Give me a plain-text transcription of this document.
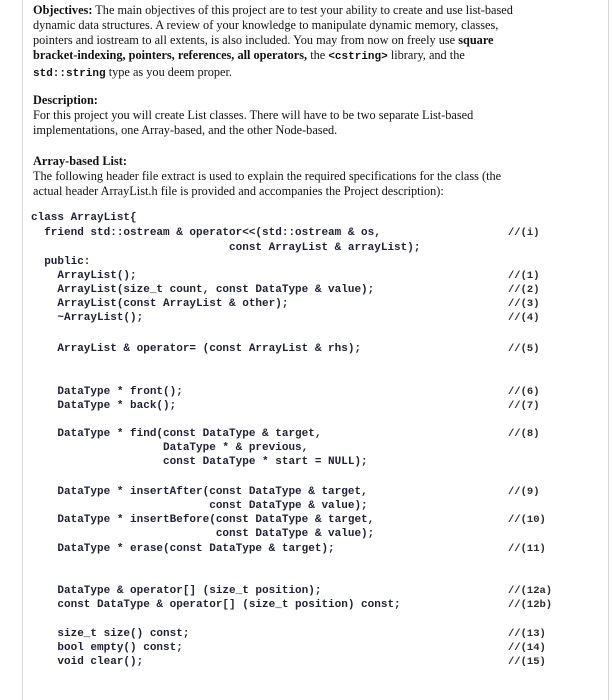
Objectives: The main objectives of this project are to test your ability to create and use list-based
dynamic data structures. A review of your knowledge to manipulate dynamic memory, classes,
pointers and iostream to all extents, is also included. You may from now on freely use square
bracket-indexing, pointers, references, all operators, the <cstring> library, and the
std::string type as you deem proper.
Description:
For this project you will create List classes. There will have to be two separate List-based
implementations, one Array-based, and the other Node-based.
Array-based List:
The following header file extract is used to explain the required specifications for the class (the
actual header ArrayList.h file is provided and accompanies the Project description):

class ArrayList{

friend std::ostream & operator<<(std::ostream & os,

const ArrayList & arrayList);

public:

ArrayList();

ArrayList(size_t count, const DataType & value);

ArrayList(const ArrayList & other);

~ArrayList();

ArrayList & operator= (const ArrayList & rhs);

DataType * front();

DataType * back();

DataType * find(const DataType & target,

DataType * & previous,

const DataType * start = NULL);

DataType * insertAfter(const DataType & target,

const DataType & value);

DataType * insertBefore(const DataType & target,

const DataType & value);

DataType * erase(const DataType & target);

DataType & operator[] (size_t position);

const DataType & operator[] (size_t position) const;

size_t size() const;

bool empty() const;

void clear();

//(i)

//(1)

//(2)

//(3)

//(4)

//(5)

//(6)

//(7)

//(8)

//(9)

//(10)

//(11)

//(12a)

//(12b)

//(13)

//(14)

//(15)
